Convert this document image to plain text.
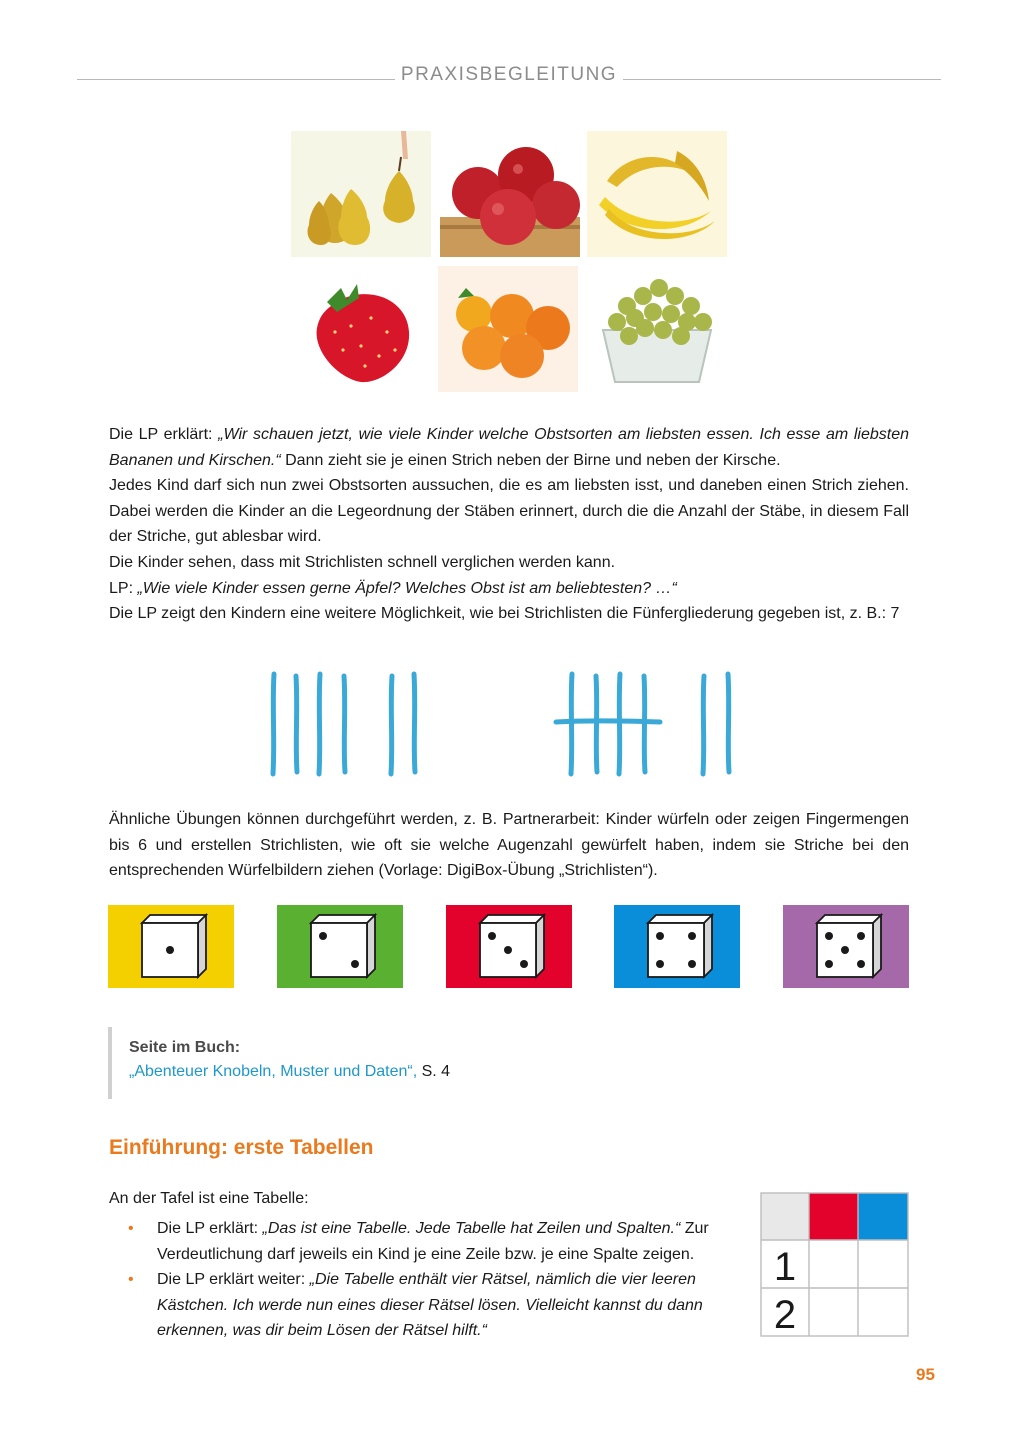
PRAXISBEGLEITUNG

Die LP erklärt: „Wir schauen jetzt, wie viele Kinder welche Obstsorten am liebsten essen. Ich esse am liebsten Bananen und Kirschen.“ Dann zieht sie je einen Strich neben der Birne und neben der Kirsche.

Jedes Kind darf sich nun zwei Obstsorten aussuchen, die es am liebsten isst, und daneben einen Strich ziehen. Dabei werden die Kinder an die Legeordnung der Stäben erinnert, durch die die Anzahl der Stäbe, in diesem Fall der Striche, gut ablesbar wird.

Die Kinder sehen, dass mit Strichlisten schnell verglichen werden kann.

LP: „Wie viele Kinder essen gerne Äpfel? Welches Obst ist am beliebtesten? …“

Die LP zeigt den Kindern eine weitere Möglichkeit, wie bei Strichlisten die Fünfergliederung gegeben ist, z. B.: 7

Ähnliche Übungen können durchgeführt werden, z. B. Partnerarbeit: Kinder würfeln oder zeigen Fingermengen bis 6 und erstellen Strichlisten, wie oft sie welche Augenzahl gewürfelt haben, indem sie Striche bei den entsprechenden Würfelbildern ziehen (Vorlage: DigiBox-Übung „Strichlisten“).
Seite im Buch:
„Abenteuer Knobeln, Muster und Daten“, S. 4
Einführung: erste Tabellen
An der Tafel ist eine Tabelle:
• Die LP erklärt: „Das ist eine Tabelle. Jede Tabelle hat Zeilen und Spalten.“ Zur Verdeutlichung darf jeweils ein Kind je eine Zeile bzw. je eine Spalte zeigen.
• Die LP erklärt weiter: „Die Tabelle enthält vier Rätsel, nämlich die vier leeren Kästchen. Ich werde nun eines dieser Rätsel lösen. Vielleicht kannst du dann erkennen, was dir beim Lösen der Rätsel hilft.“
1
2
95
